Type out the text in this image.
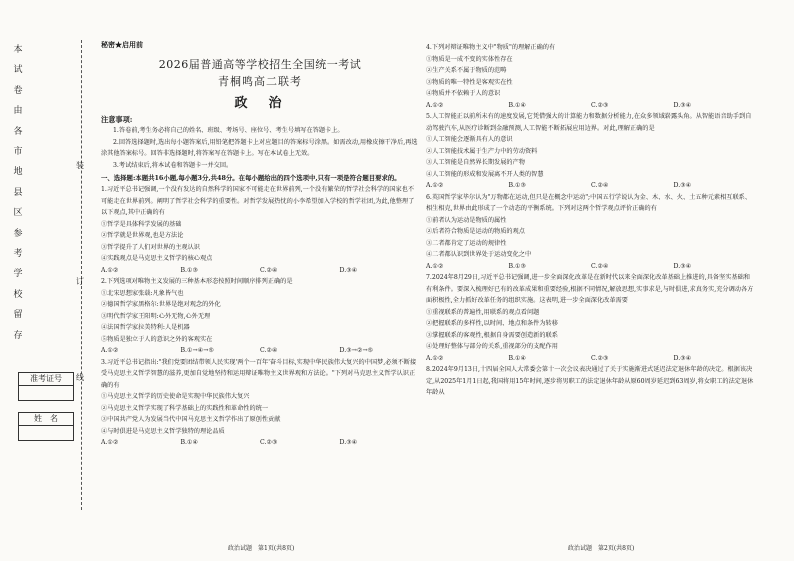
本
试
卷
由
各
市
地
县
区
参
考
学
校
留
存
装
订
线
准考证号
姓　名
秘密★启用前
2026届普通高等学校招生全国统一考试
青桐鸣高二联考
政　治
注意事项:
1.答卷前,考生务必将自己的姓名、班级、考场号、座位号、考生号填写在答题卡上。
2.回答选择题时,选出每小题答案后,用铅笔把答题卡上对应题目的答案标号涂黑。如需改动,用橡皮擦干净后,再选涂其他答案标号。回答非选择题时,将答案写在答题卡上。写在本试卷上无效。
3.考试结束后,将本试卷和答题卡一并交回。
一、选择题:本题共16小题,每小题3分,共48分。在每小题给出的四个选项中,只有一项是符合题目要求的。
1.习近平总书记强调,一个没有发达的自然科学的国家不可能走在世界前列,一个没有繁荣的哲学社会科学的国家也不可能走在世界前列。阐明了哲学社会科学的重要性。对哲学发展热忱的小李希望加入学校的哲学社团,为此,他整理了以下观点,其中正确的有
①哲学是具体科学发展的基础
②哲学就是世界观,也是方法论
③哲学提升了人们对世界的主观认识
④实践观点是马克思主义哲学的核心观点
A.①②	B.①③	C.②④	D.③④
2.下列选项对唯物主义发展的三种基本形态按照时间顺序排列正确的是
①北宋思想家张载:凡象皆气也
②德国哲学家黑格尔:世界是绝对观念的外化
③明代哲学家王阳明:心外无物,心外无理
④法国哲学家拉美特利:人是机器
⑤物质是独立于人的意识之外的客观实在
A.①②	B.①→④→⑤	C.②④	D.③→②→⑤
3.习近平总书记指出:"我们党要团结带领人民实现'两个一百年'奋斗目标,实现中华民族伟大复兴的中国梦,必须不断接受马克思主义哲学智慧的滋养,更加自觉地坚持和运用辩证唯物主义世界观和方法论。"下列对马克思主义哲学认识正确的有
①马克思主义哲学的历史使命是实现中华民族伟大复兴
②马克思主义哲学实现了科学基础上的实践性和革命性的统一
③中国共产党人为发展当代中国马克思主义哲学作出了原创性贡献
④与时俱进是马克思主义哲学独特的理论品质
A.①②	B.①④	C.②③	D.③④
4.下列对辩证唯物主义中"物质"的理解正确的有
①物质是一成不变的实体性存在
②生产关系不属于物质的范畴
③物质的唯一特性是客观实在性
④物质并不依赖于人的意识
A.①②	B.①④	C.②③	D.③④
5.人工智能正以前所未有的速度发展,它凭借强大的计算能力和数据分析能力,在众多领域崭露头角。从智能语音助手到自动驾驶汽车,从医疗诊断到金融预测,人工智能不断拓展应用边界。对此,理解正确的是
①人工智能会逐渐具有人的意识
②人工智能技术属于生产力中的劳动资料
③人工智能是自然界长期发展的产物
④人工智能的形成和发展离不开人类的智慧
A.①②	B.①③	C.②④	D.③④
6.英国哲学家毕尔认为"万物都在运动,但只是在概念中运动";中国五行学说认为金、木、水、火、土五种元素相互联系、相生相克,世界由此形成了一个动态的平衡系统。下列对这两个哲学观点评价正确的有
①前者认为运动是物质的属性
②后者符合物质是运动的物质的观点
③二者都肯定了运动的规律性
④二者都认识到世界处于运动变化之中
A.①②	B.①③	C.②④	D.③④
7.2024年8月29日,习近平总书记强调,进一步全面深化改革是在新时代以来全面深化改革基础上推进的,具备坚实基础和有利条件。要深入梳理好已有的改革成果和重要经验,根据不同情况,解放思想,实事求是,与时俱进,求真务实,充分调动各方面积极性,全力抓好改革任务的组织实施。这表明,进一步全面深化改革需要
①重视联系的普遍性,用联系的观点看问题
②把握联系的多样性,以时间、地点和条件为转移
③掌握联系的客观性,根据自身需要创造新的联系
④处理好整体与部分的关系,重视部分的支配作用
A.①②	B.①④	C.②③	D.③④
8.2024年9月13日,十四届全国人大常委会第十一次会议表决通过了关于实施渐进式延迟法定退休年龄的决定。根据该决定,从2025年1月1日起,我国将用15年时间,逐步将男职工的法定退休年龄从原60周岁延迟到63周岁,将女职工的法定退休年龄从
政治试题　第1页(共8页)	政治试题　第2页(共8页)
